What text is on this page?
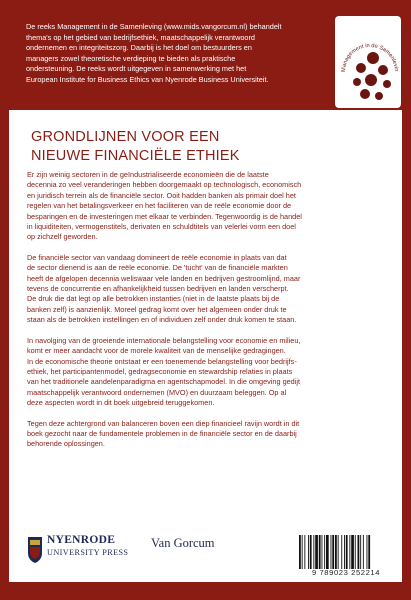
De reeks Management in de Samenleving (www.mids.vangorcum.nl) behandelt

thema's op het gebied van bedrijfsethiek, maatschappelijk verantwoord

ondernemen en integriteitszorg. Daarbij is het doel om bestuurders en

managers zowel theoretische verdieping te bieden als praktische

ondersteuning. De reeks wordt uitgegeven in samenwerking met het

European Institute for Business Ethics van Nyenrode Business Universiteit.

Management in de Samenlevin
GRONDLIJNEN VOOR EEN
NIEUWE FINANCIËLE ETHIEK

Er zijn weinig sectoren in de geïndustrialiseerde economieën die de laatste
decennia zo veel veranderingen hebben doorgemaakt op technologisch, economisch
en juridisch terrein als de financiële sector. Ooit hadden banken als primair doel het
regelen van het betalingsverkeer en het faciliteren van de reële economie door de
besparingen en de investeringen met elkaar te verbinden. Tegenwoordig is de handel
in liquiditeiten, vermogenstitels, derivaten en schuldtitels van velerlei vorm een doel
op zichzelf geworden.

De financiële sector van vandaag domineert de reële economie in plaats van dat
de sector dienend is aan de reële economie. De 'tucht' van de financiële markten
heeft de afgelopen decennia weliswaar vele landen en bedrijven gestroomlijnd, maar
tevens de concurrentie en afhankelijkheid tussen bedrijven en landen verscherpt.
De druk die dat legt op alle betrokken instanties (niet in de laatste plaats bij de
banken zelf) is aanzienlijk. Moreel gedrag komt over het algemeen onder druk te
staan als de betrokken instellingen en of individuen zelf onder druk komen te staan.

In navolging van de groeiende internationale belangstelling voor economie en milieu,
komt er meer aandacht voor de morele kwaliteit van de menselijke gedragingen.
In de economische theorie ontstaat er een toenemende belangstelling voor bedrijfs-
ethiek, het participantenmodel, gedragseconomie en stewardship relaties in plaats
van het traditionele aandelenparadigma en agentschapmodel. In die omgeving gedijt
maatschappelijk verantwoord ondernemen (MVO) en duurzaam beleggen. Op al
deze aspecten wordt in dit boek uitgebreid teruggekomen.

Tegen deze achtergrond van balanceren boven een diep financieel ravijn wordt in dit
boek gezocht naar de fundamentele problemen in de financiële sector en de daarbij
behorende oplossingen.

NYENRODE
UNIVERSITY PRESS
Van Gorcum
9 789023 252214
